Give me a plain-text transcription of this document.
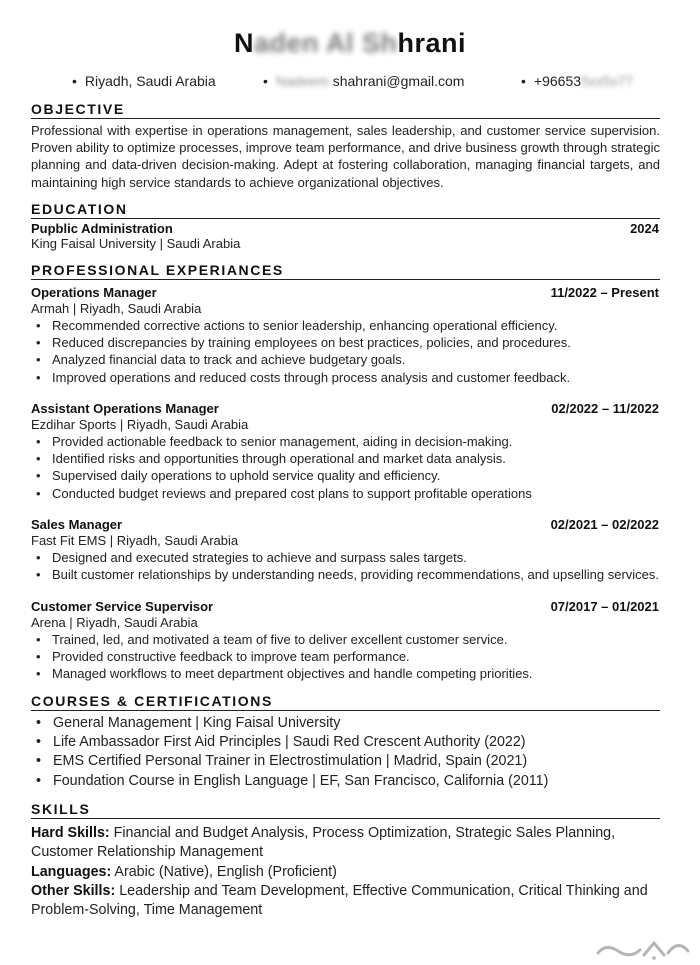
Naden Al Shhrani
• Riyadh, Saudi Arabia	• Nadeem shahrani@gmail.com	• +966535xx5x77
OBJECTIVE
Professional with expertise in operations management, sales leadership, and customer service supervision. Proven ability to optimize processes, improve team performance, and drive business growth through strategic planning and data-driven decision-making. Adept at fostering collaboration, managing financial targets, and maintaining high service standards to achieve organizational objectives.
EDUCATION
Pupblic Administration	2024
King Faisal University | Saudi Arabia
PROFESSIONAL EXPERIANCES
Operations Manager	11/2022 – Present
Armah | Riyadh, Saudi Arabia
• Recommended corrective actions to senior leadership, enhancing operational efficiency.
• Reduced discrepancies by training employees on best practices, policies, and procedures.
• Analyzed financial data to track and achieve budgetary goals.
• Improved operations and reduced costs through process analysis and customer feedback.
Assistant Operations Manager	02/2022 – 11/2022
Ezdihar Sports | Riyadh, Saudi Arabia
• Provided actionable feedback to senior management, aiding in decision-making.
• Identified risks and opportunities through operational and market data analysis.
• Supervised daily operations to uphold service quality and efficiency.
• Conducted budget reviews and prepared cost plans to support profitable operations
Sales Manager	02/2021 – 02/2022
Fast Fit EMS | Riyadh, Saudi Arabia
• Designed and executed strategies to achieve and surpass sales targets.
• Built customer relationships by understanding needs, providing recommendations, and upselling services.
Customer Service Supervisor	07/2017 – 01/2021
Arena | Riyadh, Saudi Arabia
• Trained, led, and motivated a team of five to deliver excellent customer service.
• Provided constructive feedback to improve team performance.
• Managed workflows to meet department objectives and handle competing priorities.
COURSES & CERTIFICATIONS
• General Management | King Faisal University
• Life Ambassador First Aid Principles | Saudi Red Crescent Authority (2022)
• EMS Certified Personal Trainer in Electrostimulation | Madrid, Spain (2021)
• Foundation Course in English Language | EF, San Francisco, California (2011)
SKILLS
Hard Skills: Financial and Budget Analysis, Process Optimization, Strategic Sales Planning, Customer Relationship Management
Languages: Arabic (Native), English (Proficient)
Other Skills: Leadership and Team Development, Effective Communication, Critical Thinking and Problem-Solving, Time Management
